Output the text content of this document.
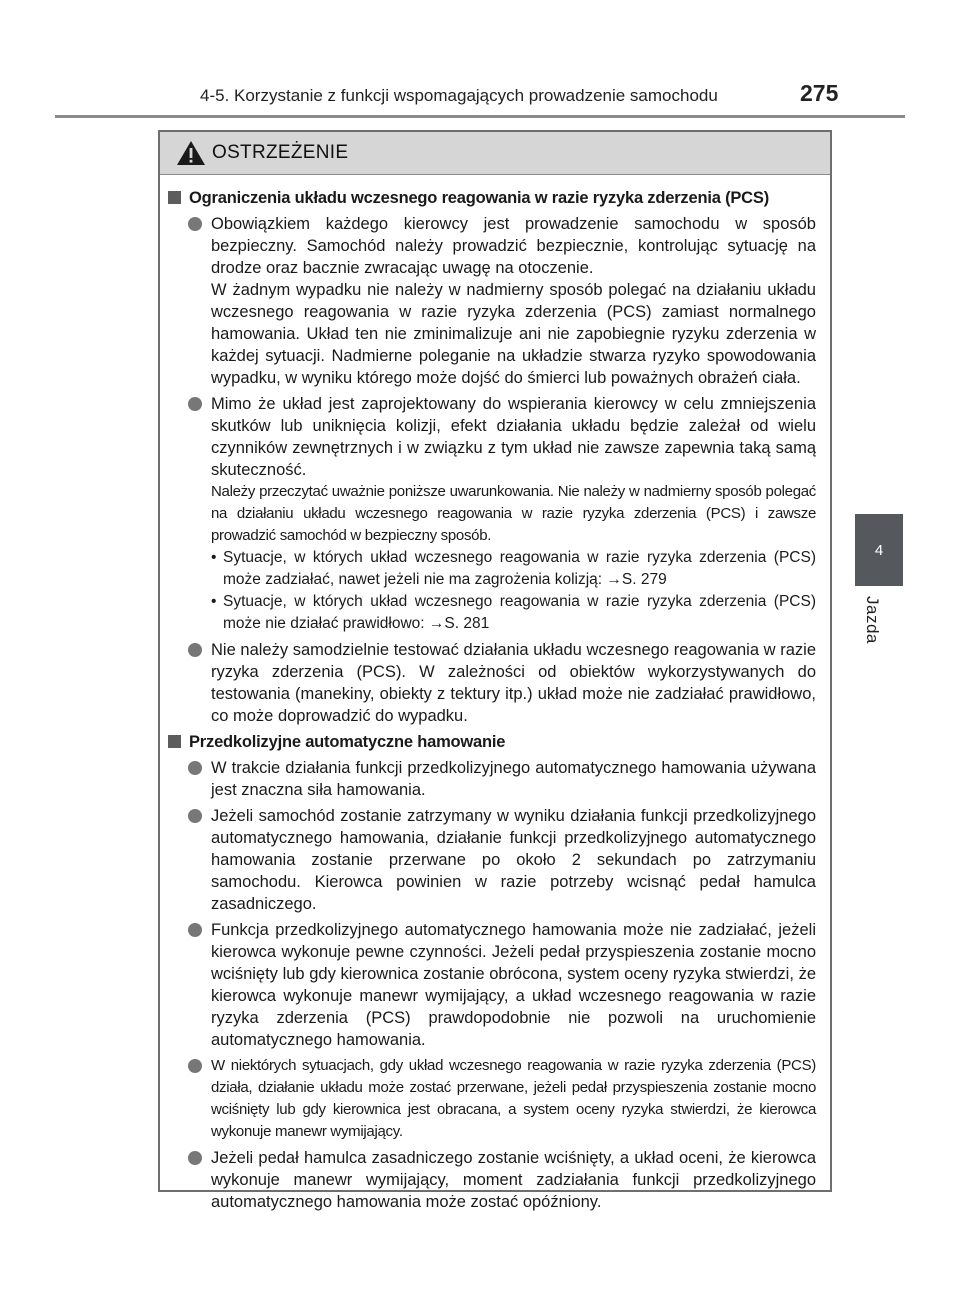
4-5. Korzystanie z funkcji wspomagających prowadzenie samochodu	275
4
Jazda
OSTRZEŻENIE
Ograniczenia układu wczesnego reagowania w razie ryzyka zderzenia (PCS)

Obowiązkiem każdego kierowcy jest prowadzenie samochodu w sposób bezpieczny. Samochód należy prowadzić bezpiecznie, kontrolując sytuację na drodze oraz bacznie zwracając uwagę na otoczenie.

W żadnym wypadku nie należy w nadmierny sposób polegać na działaniu układu wczesnego reagowania w razie ryzyka zderzenia (PCS) zamiast normalnego hamowania. Układ ten nie zminimalizuje ani nie zapobiegnie ryzyku zderzenia w każdej sytuacji. Nadmierne poleganie na układzie stwarza ryzyko spowodowania wypadku, w wyniku którego może dojść do śmierci lub poważnych obrażeń ciała.

Mimo że układ jest zaprojektowany do wspierania kierowcy w celu zmniejszenia skutków lub uniknięcia kolizji, efekt działania układu będzie zależał od wielu czynników zewnętrznych i w związku z tym układ nie zawsze zapewnia taką samą skuteczność.

Należy przeczytać uważnie poniższe uwarunkowania. Nie należy w nadmierny sposób polegać na działaniu układu wczesnego reagowania w razie ryzyka zderzenia (PCS) i zawsze prowadzić samochód w bezpieczny sposób.

• Sytuacje, w których układ wczesnego reagowania w razie ryzyka zderzenia (PCS) może zadziałać, nawet jeżeli nie ma zagrożenia kolizją: →S. 279
• Sytuacje, w których układ wczesnego reagowania w razie ryzyka zderzenia (PCS) może nie działać prawidłowo: →S. 281

Nie należy samodzielnie testować działania układu wczesnego reagowania w razie ryzyka zderzenia (PCS). W zależności od obiektów wykorzystywanych do testowania (manekiny, obiekty z tektury itp.) układ może nie zadziałać prawidłowo, co może doprowadzić do wypadku.

Przedkolizyjne automatyczne hamowanie

W trakcie działania funkcji przedkolizyjnego automatycznego hamowania używana jest znaczna siła hamowania.

Jeżeli samochód zostanie zatrzymany w wyniku działania funkcji przedkolizyjnego automatycznego hamowania, działanie funkcji przedkolizyjnego automatycznego hamowania zostanie przerwane po około 2 sekundach po zatrzymaniu samochodu. Kierowca powinien w razie potrzeby wcisnąć pedał hamulca zasadniczego.

Funkcja przedkolizyjnego automatycznego hamowania może nie zadziałać, jeżeli kierowca wykonuje pewne czynności. Jeżeli pedał przyspieszenia zostanie mocno wciśnięty lub gdy kierownica zostanie obrócona, system oceny ryzyka stwierdzi, że kierowca wykonuje manewr wymijający, a układ wczesnego reagowania w razie ryzyka zderzenia (PCS) prawdopodobnie nie pozwoli na uruchomienie automatycznego hamowania.

W niektórych sytuacjach, gdy układ wczesnego reagowania w razie ryzyka zderzenia (PCS) działa, działanie układu może zostać przerwane, jeżeli pedał przyspieszenia zostanie mocno wciśnięty lub gdy kierownica jest obracana, a system oceny ryzyka stwierdzi, że kierowca wykonuje manewr wymijający.

Jeżeli pedał hamulca zasadniczego zostanie wciśnięty, a układ oceni, że kierowca wykonuje manewr wymijający, moment zadziałania funkcji przedkolizyjnego automatycznego hamowania może zostać opóźniony.
